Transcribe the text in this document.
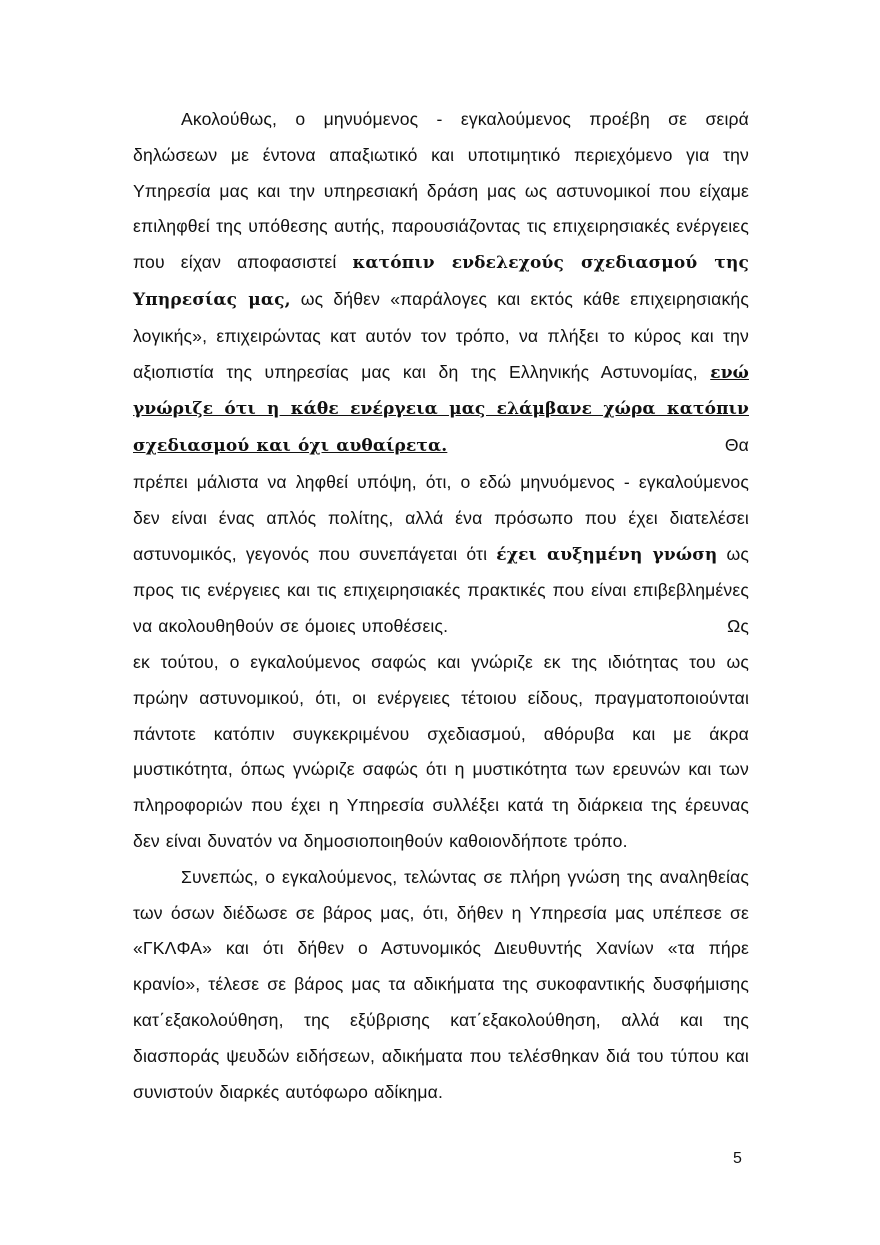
Ακολούθως, ο μηνυόμενος - εγκαλούμενος προέβη σε σειρά δηλώσεων με έντονα απαξιωτικό και υποτιμητικό περιεχόμενο για την Υπηρεσία μας και την υπηρεσιακή δράση μας ως αστυνομικοί που είχαμε επιληφθεί της υπόθεσης αυτής, παρουσιάζοντας τις επιχειρησιακές ενέργειες που είχαν αποφασιστεί κατόπιν ενδελεχούς σχεδιασμού της Υπηρεσίας μας, ως δήθεν «παράλογες και εκτός κάθε επιχειρησιακής λογικής», επιχειρώντας κατ αυτόν τον τρόπο, να πλήξει το κύρος και την αξιοπιστία της υπηρεσίας μας και δη της Ελληνικής Αστυνομίας, ενώ γνώριζε ότι η κάθε ενέργεια μας ελάμβανε χώρα κατόπιν σχεδιασμού και όχι αυθαίρετα.	Θα

πρέπει μάλιστα να ληφθεί υπόψη, ότι, ο εδώ μηνυόμενος - εγκαλούμενος δεν είναι ένας απλός πολίτης, αλλά ένα πρόσωπο που έχει διατελέσει αστυνομικός, γεγονός που συνεπάγεται ότι έχει αυξημένη γνώση ως προς τις ενέργειες και τις επιχειρησιακές πρακτικές που είναι επιβεβλημένες να ακολουθηθούν σε όμοιες υποθέσεις.	Ως

εκ τούτου, ο εγκαλούμενος σαφώς και γνώριζε εκ της ιδιότητας του ως πρώην αστυνομικού, ότι, οι ενέργειες τέτοιου είδους, πραγματοποιούνται πάντοτε κατόπιν συγκεκριμένου σχεδιασμού, αθόρυβα και με άκρα μυστικότητα, όπως γνώριζε σαφώς ότι η μυστικότητα των ερευνών και των πληροφοριών που έχει η Υπηρεσία συλλέξει κατά τη διάρκεια της έρευνας δεν είναι δυνατόν να δημοσιοποιηθούν καθοιονδήποτε τρόπο.

Συνεπώς, ο εγκαλούμενος, τελώντας σε πλήρη γνώση της αναληθείας των όσων διέδωσε σε βάρος μας, ότι, δήθεν η Υπηρεσία μας υπέπεσε σε «ΓΚΛΦΑ» και ότι δήθεν ο Αστυνομικός Διευθυντής Χανίων «τα πήρε κρανίο», τέλεσε σε βάρος μας τα αδικήματα της συκοφαντικής δυσφήμισης κατ΄εξακολούθηση, της εξύβρισης κατ΄εξακολούθηση, αλλά και της διασποράς ψευδών ειδήσεων, αδικήματα που τελέσθηκαν διά του τύπου και συνιστούν διαρκές αυτόφωρο αδίκημα.

5
